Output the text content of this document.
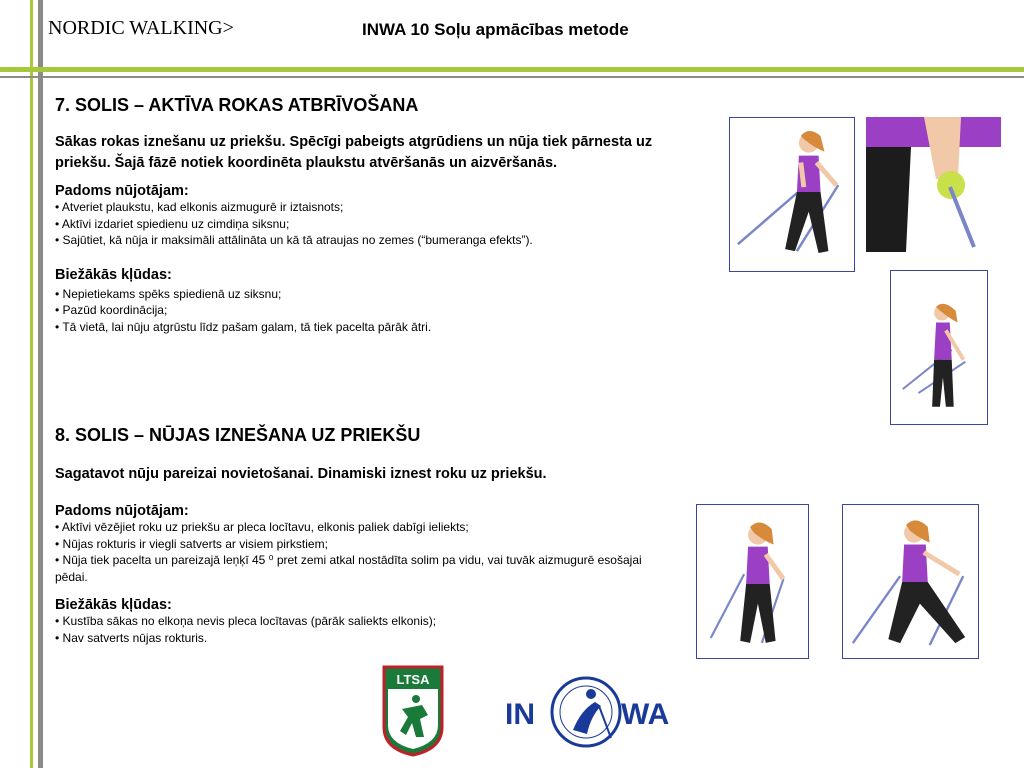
NORDIC WALKING>	INWA 10 Soļu apmācības metode
7. SOLIS – AKTĪVA ROKAS ATBRĪVOŠANA

Sākas rokas iznešanu uz priekšu. Spēcīgi pabeigts atgrūdiens un nūja tiek pārnesta uz priekšu. Šajā fāzē notiek koordinēta plaukstu atvēršanās un aizvēršanās.

Padoms nūjotājam:

• Atveriet plaukstu, kad elkonis aizmugurē ir iztaisnots;
• Aktīvi izdariet spiedienu uz cimdiņa siksnu;
• Sajūtiet, kā nūja ir maksimāli attālināta un kā tā atraujas no zemes (“bumeranga efekts”).

Biežākās kļūdas:

• Nepietiekams spēks spiedienā uz siksnu;
• Pazūd koordinācija;
• Tā vietā, lai nūju atgrūstu līdz pašam galam, tā tiek pacelta pārāk ātri.
8. SOLIS – NŪJAS IZNEŠANA UZ PRIEKŠU

Sagatavot nūju pareizai novietošanai. Dinamiski iznest roku uz priekšu.

Padoms nūjotājam:

• Aktīvi vēzējiet roku uz priekšu ar pleca locītavu, elkonis paliek dabīgi ieliekts;
• Nūjas rokturis ir viegli satverts ar visiem pirkstiem;
• Nūja tiek pacelta un pareizajā leņķī 45 ⁰ pret zemi atkal nostādīta solim pa vidu, vai tuvāk aizmugurē esošajai pēdai.

Biežākās kļūdas:

• Kustība sākas no elkoņa nevis pleca locītavas (pārāk saliekts elkonis);
• Nav satverts nūjas rokturis.
LTSA
IN	WA
